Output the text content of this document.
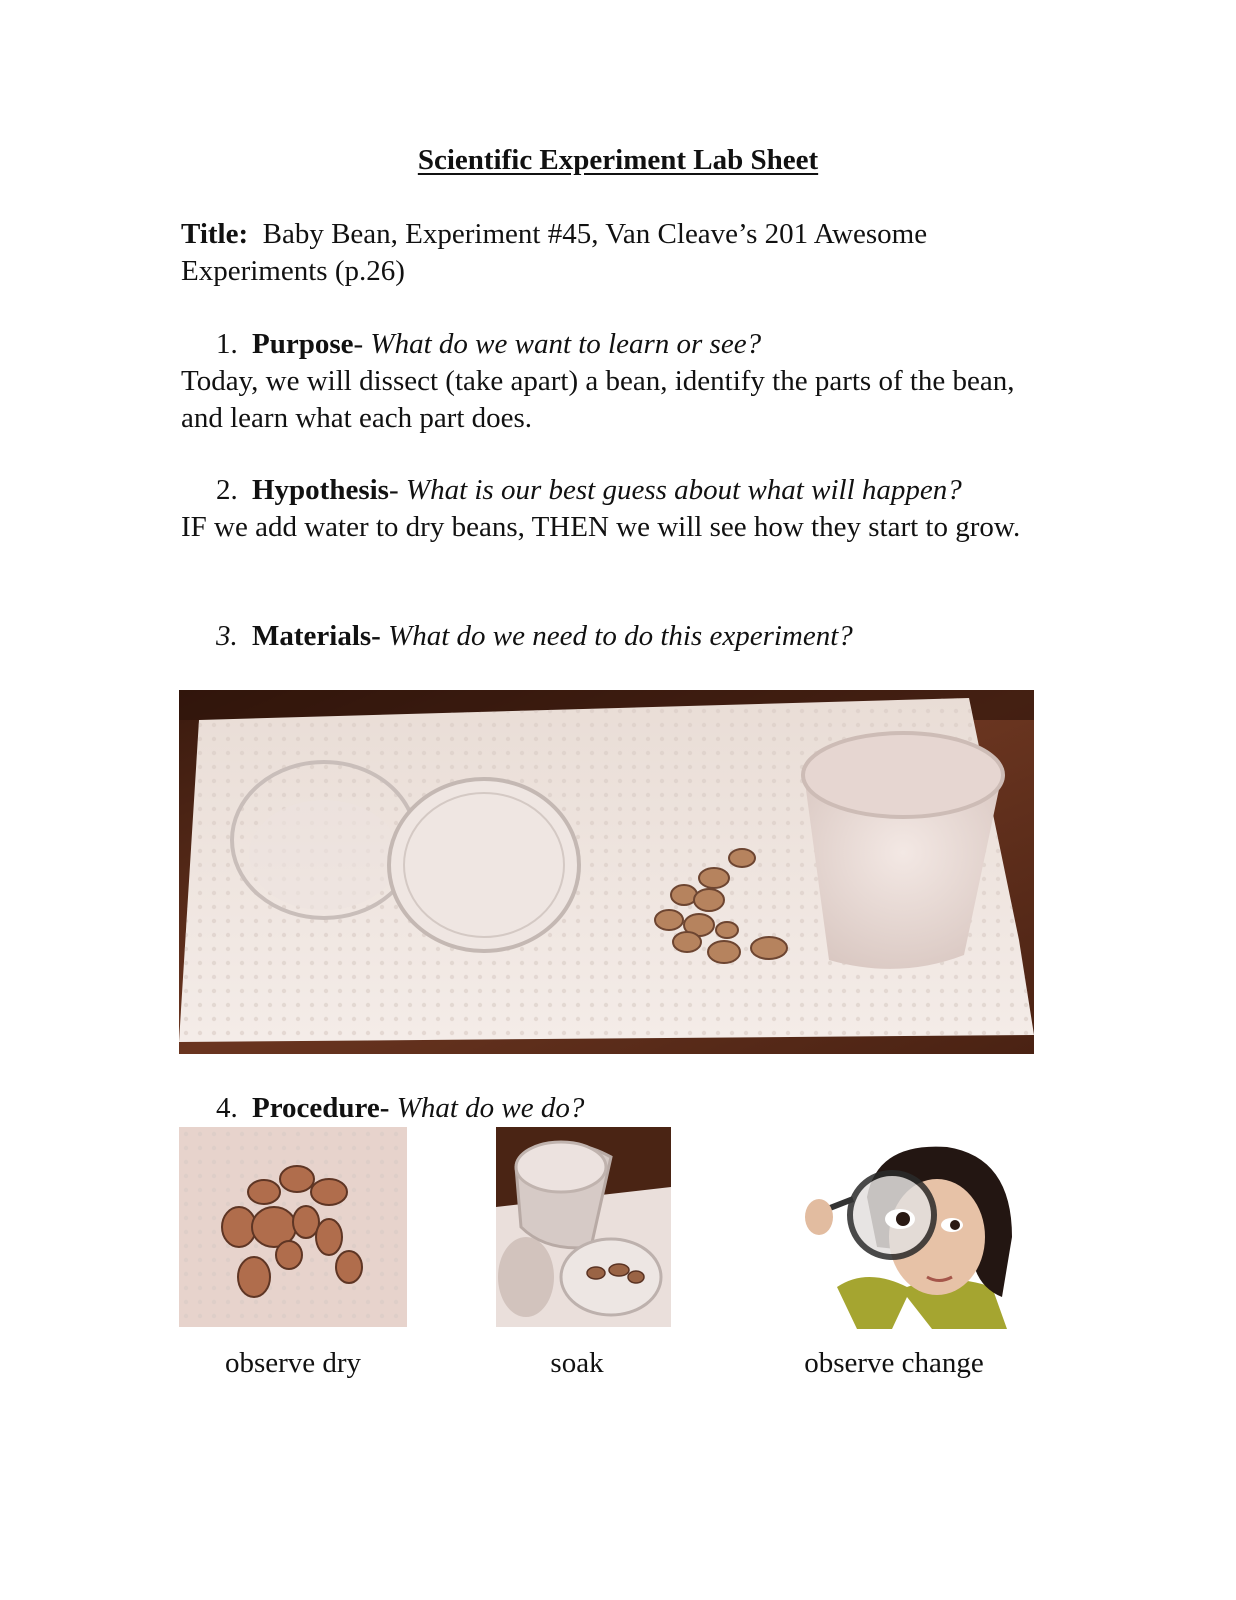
Scientific Experiment Lab Sheet
Title: Baby Bean, Experiment #45, Van Cleave’s 201 Awesome Experiments (p.26)
1. Purpose- What do we want to learn or see?
Today, we will dissect (take apart) a bean, identify the parts of the bean, and learn what each part does.
2. Hypothesis- What is our best guess about what will happen?
IF we add water to dry beans, THEN we will see how they start to grow.
3. Materials- What do we need to do this experiment?
4. Procedure- What do we do?
observe dry	soak	observe change
